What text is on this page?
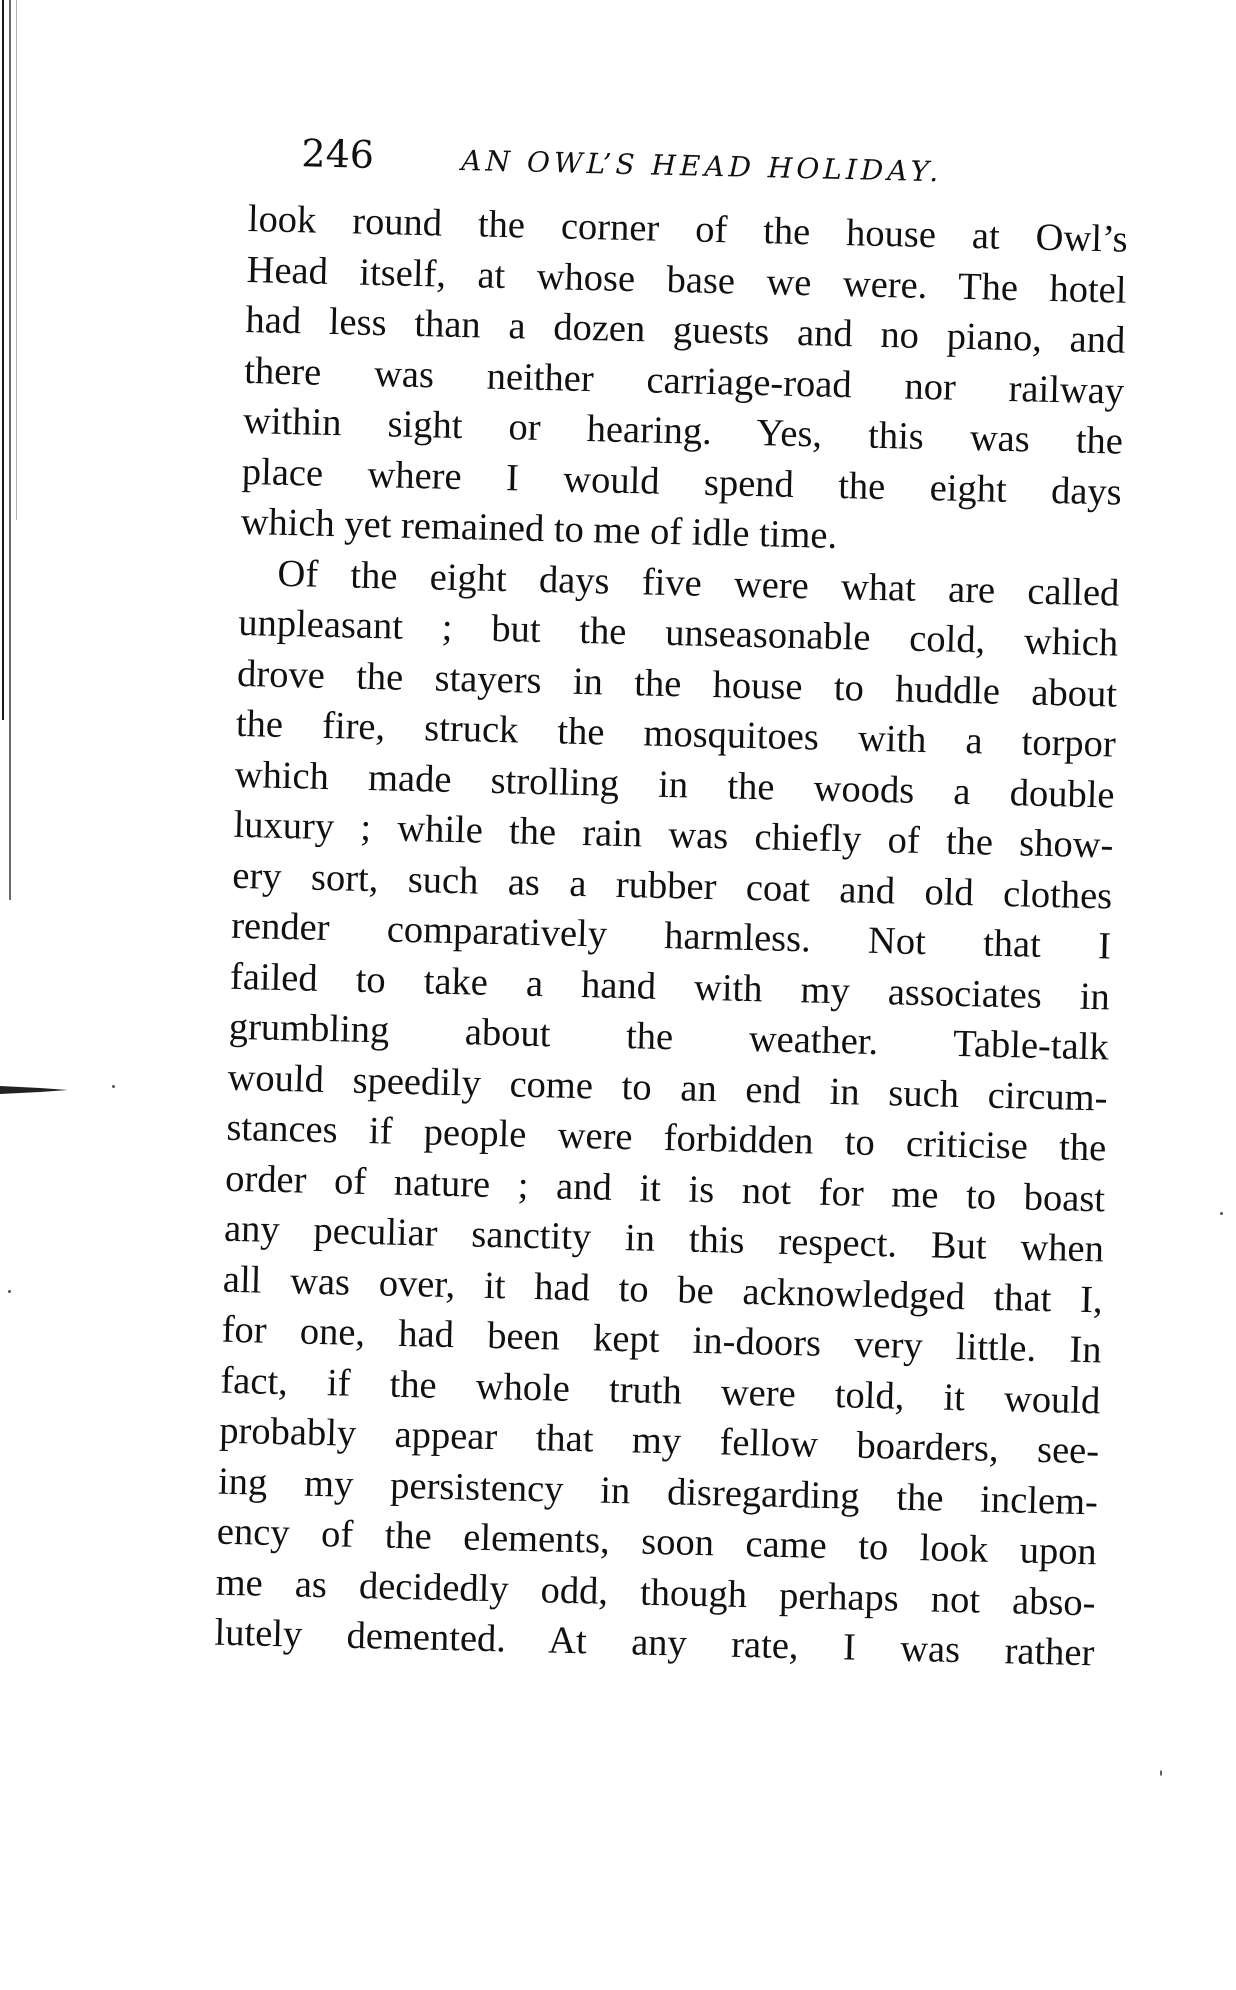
246	AN OWL’S HEAD HOLIDAY.
look round the corner of the house at Owl’s
Head itself, at whose base we were. The hotel
had less than a dozen guests and no piano, and
there was neither carriage-road nor railway
within sight or hearing. Yes, this was the
place where I would spend the eight days
which yet remained to me of idle time.
Of the eight days five were what are called
unpleasant ; but the unseasonable cold, which
drove the stayers in the house to huddle about
the fire, struck the mosquitoes with a torpor
which made strolling in the woods a double
luxury ; while the rain was chiefly of the show-
ery sort, such as a rubber coat and old clothes
render comparatively harmless. Not that I
failed to take a hand with my associates in
grumbling about the weather. Table-talk
would speedily come to an end in such circum-
stances if people were forbidden to criticise the
order of nature ; and it is not for me to boast
any peculiar sanctity in this respect. But when
all was over, it had to be acknowledged that I,
for one, had been kept in-doors very little. In
fact, if the whole truth were told, it would
probably appear that my fellow boarders, see-
ing my persistency in disregarding the inclem-
ency of the elements, soon came to look upon
me as decidedly odd, though perhaps not abso-
lutely demented. At any rate, I was rather
